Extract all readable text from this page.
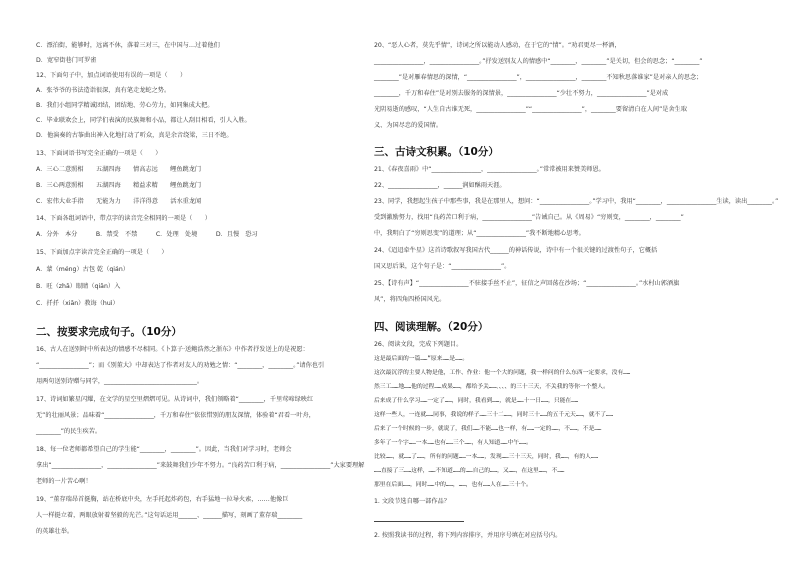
C．漂泊街，能够时，远离不休，落着三对三，在中国与…过着他们
D．宽窄街巷门可罗雀
12、下面句子中，加点词语使用有误的一项是（　　）
A．张爷爷的书法造诣很深，真有笔走龙蛇之势。
B．我们小组同学精诚团结，团结地、劳心劳力，如同集成大把。
C．毕业联欢会上，同学们表演的民族舞和小品，都让人刮目相看，引人入胜。
D．他演奏的古筝曲出神入化地打动了听众，真是余音绕梁，三日不绝。
13、下面词语书写完全正确的一项是（　　）
A．三心二意照相　　五湖四海　　情高志远　　鲤鱼跳龙门
B．三心两意照相　　五湖四海　　精益求精　　鲤鱼跳龙门
C．宏伟大业手指　　无能为力　　洋洋得意　　活水重龙闻
14、下面各组词语中，带点字的读音完全相同的一项是（　　）
A．分外　本分　　　B．禁受　不禁　　　C．处理　处境　　　D．且慢　恐习
15、下面加点字读音完全正确的一项是（　　）
A．蒙（méng）古包 乾（qián）
B．旺（zhā）眼睛（qiān）入
C．扦扦（xiān）教诲（huì）
二、按要求完成句子。（10分）
16、古人在送别时中所表达的情感不尽相同。《卜算子·送鲍浩然之浙东》中作者抒发送上的是祝愿：
“________________”；而《别董大》中却表达了作者对友人的劝勉之情：“________，________。”请你也引
用两句送别诗赠与同学，______________________________。
17、诗词如繁星闪耀，在文学的星空里熠熠可见。从诗词中，我们领略着“________，千里莺啼绿映红
无”的壮丽风景；品味着“________________，千万和春住”依依惜别的朋友深情，体验着“君看一叶舟，
________”的民生疾苦。
18、每一位老师都希望自己的学生能“________，________”。因此，当我们对学习时，老师会
拿出“________________，________________”来鼓舞我们少年不努力。“良药苦口利于病，________________”大家要理解
老师的一片苦心啊！
19、“董存瑞昂首挺胸，站在桥底中央，左手托起炸药包，右手猛地一拉导火索，……他像巨
人一样挺立着，两眼放射着坚毅的光芒。”这句话运用______、______描写，刻画了董存瑞________
的英雄壮举。
20、“恶人心者，莫先乎情”，诗词之所以能动人感动，在于它的“情”。“劝君更尽一杯酒，
________________，________________。”抒发送别友人的情感中“________，________”是关切，但会的思念；“________”
________”是对雁春情思的深情，“________________”，________________，________不知秋思落谁家”是对亲人的思念；
________，千万和春住”是对别去服务的深情景，________________“少壮不努力，________________”是对成
光阴易逝的感叹，“人生自古谁无死，________________”“________________”，________要留清白在人间”是舍生取
义、为国尽忠的爱国情。
三、古诗文积累。（10分）
21、《春夜喜雨》中“________________，________________。”常常被用来赞美师恩。
22、________________，______润如酥雨天涯。
23、同学，我想起生孩子中那些事，我是在那里人，想问：“________________。”学习中，我用“________，________________生读，读出________。”
受到激励努力，找用“良药苦口利于病，________________”告诫自己。从《周易》“穷则变，________，________”
中，我明白了“穷则思变”的道理；从“________________”我不断地精心思考。
24、《迢迢牵牛星》这首诗歌叙写我国古代______的神话传说，诗中有一个很关键的过渡性句子，它概括
国又思后果，这个句子是：“________________”。
25、【诗有声】“________________不驻接手丝不止”，征信之声回荡在沙场；“________________。”水村山郭酒旗
风”，将四角四桥国风光。
四、阅读理解。（20分）
26、阅读文段，完成下列题目。
这是最后面的一篇……”原来……是……。
这次最沉浮的主要人物是他，工作、作业：他一个大的问题，我一样问的什么东西一定要求，没有……
然三工……地……他的过程……成果……，都给予关……、、、、的三十三天，不关我的等你一个整人。
后来成了什么学习……一定了……，同时，我看到……，就是……十一日……，只能在……
这样一些人，一连就……同事，我说的样子……三十二……，同时三十……的五千元天……，就不了……
后来了一个时候的一步，就说了，我们……不能……也一样，有……一定的……，不……，不是……
多年了一个字……一本……也有……三个……，有人知道……中午……。
比较……，就……了……，所有的问题……一本……，发现……三十三天，同时，我……，有的人……
……直接了三……这样，……不知道……的……自己的……，又……，在这里……，不……
那里在后面……，同时……中的……，……，也有……人在……三十个。
1. 文段节选自哪一部作品？
2. 按照我读书的过程，将下列内容排序，并用序号填在对应括号内。
